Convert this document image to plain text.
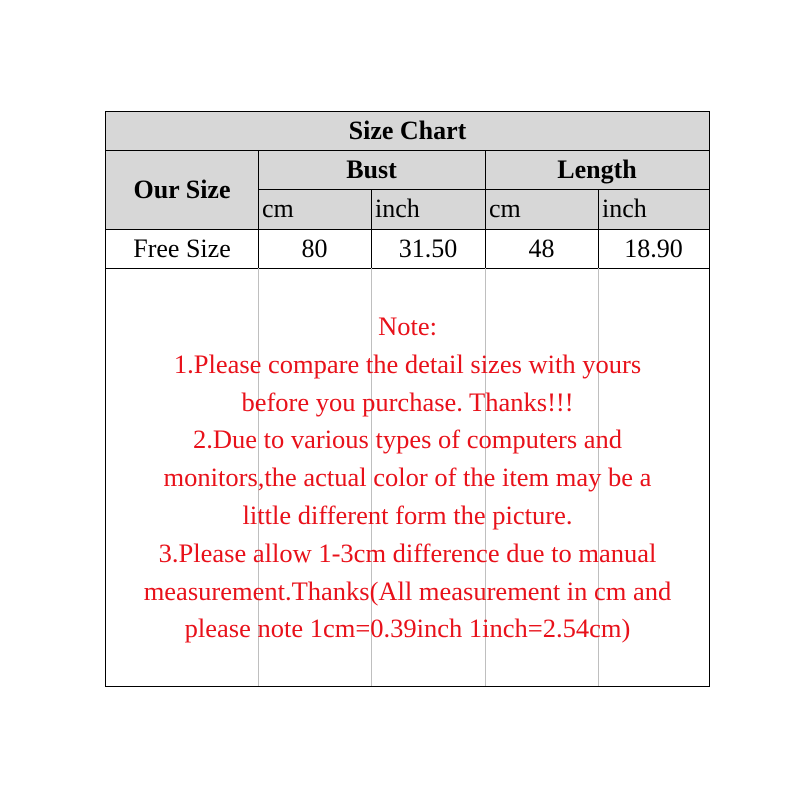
Size Chart
Our Size
Bust	Length
cm	inch	cm	inch
Free Size	80	31.50	48	18.90
Note:
1.Please compare the detail sizes with yours
before you purchase. Thanks!!!
2.Due to various types of computers and
monitors,the actual color of the item may be a
little different form the picture.
3.Please allow 1-3cm difference due to manual
measurement.Thanks(All measurement in cm and
please note 1cm=0.39inch 1inch=2.54cm)
